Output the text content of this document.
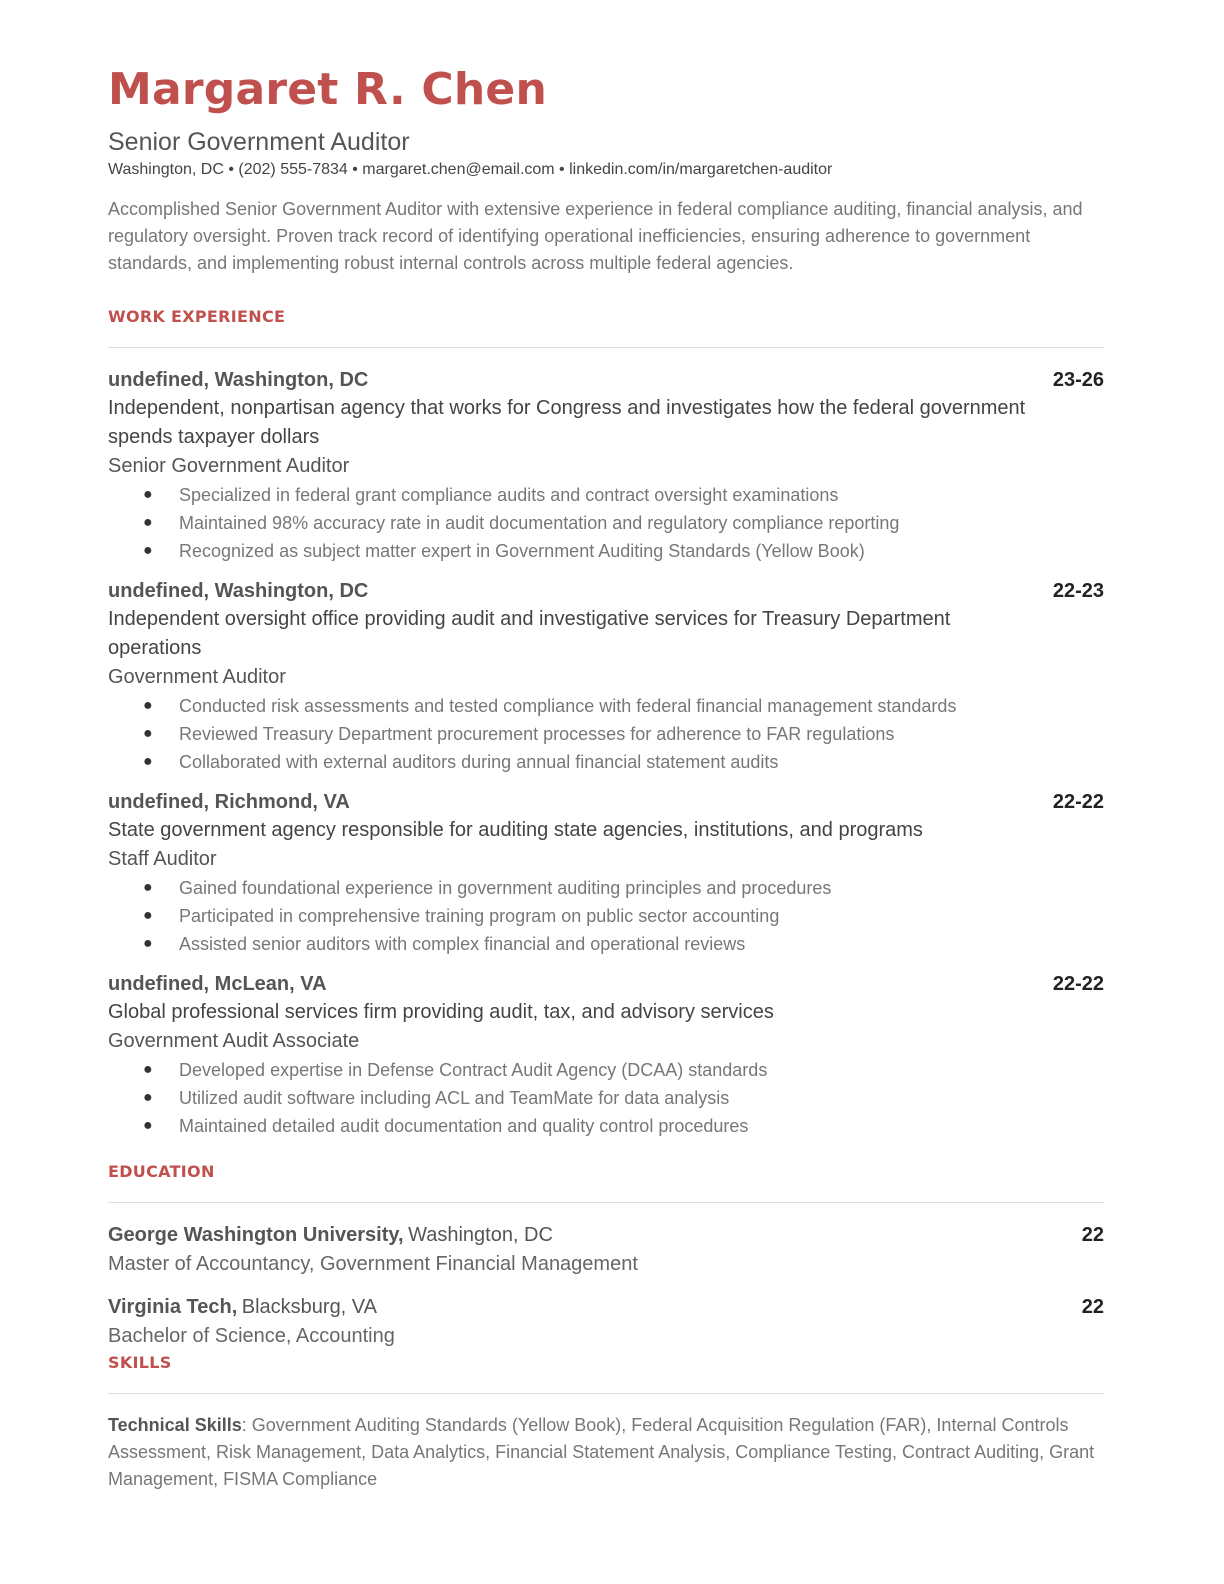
Margaret R. Chen
Senior Government Auditor
Washington, DC • (202) 555-7834 • margaret.chen@email.com • linkedin.com/in/margaretchen-auditor
Accomplished Senior Government Auditor with extensive experience in federal compliance auditing, financial analysis, and regulatory oversight. Proven track record of identifying operational inefficiencies, ensuring adherence to government standards, and implementing robust internal controls across multiple federal agencies.
WORK EXPERIENCE
undefined, Washington, DC	23-26
Independent, nonpartisan agency that works for Congress and investigates how the federal government spends taxpayer dollars
Senior Government Auditor
● Specialized in federal grant compliance audits and contract oversight examinations
● Maintained 98% accuracy rate in audit documentation and regulatory compliance reporting
● Recognized as subject matter expert in Government Auditing Standards (Yellow Book)
undefined, Washington, DC	22-23
Independent oversight office providing audit and investigative services for Treasury Department operations
Government Auditor
● Conducted risk assessments and tested compliance with federal financial management standards
● Reviewed Treasury Department procurement processes for adherence to FAR regulations
● Collaborated with external auditors during annual financial statement audits
undefined, Richmond, VA	22-22
State government agency responsible for auditing state agencies, institutions, and programs
Staff Auditor
● Gained foundational experience in government auditing principles and procedures
● Participated in comprehensive training program on public sector accounting
● Assisted senior auditors with complex financial and operational reviews
undefined, McLean, VA	22-22
Global professional services firm providing audit, tax, and advisory services
Government Audit Associate
● Developed expertise in Defense Contract Audit Agency (DCAA) standards
● Utilized audit software including ACL and TeamMate for data analysis
● Maintained detailed audit documentation and quality control procedures
EDUCATION
George Washington University, Washington, DC	22
Master of Accountancy, Government Financial Management
Virginia Tech, Blacksburg, VA	22
Bachelor of Science, Accounting
SKILLS
Technical Skills: Government Auditing Standards (Yellow Book), Federal Acquisition Regulation (FAR), Internal Controls Assessment, Risk Management, Data Analytics, Financial Statement Analysis, Compliance Testing, Contract Auditing, Grant Management, FISMA Compliance
